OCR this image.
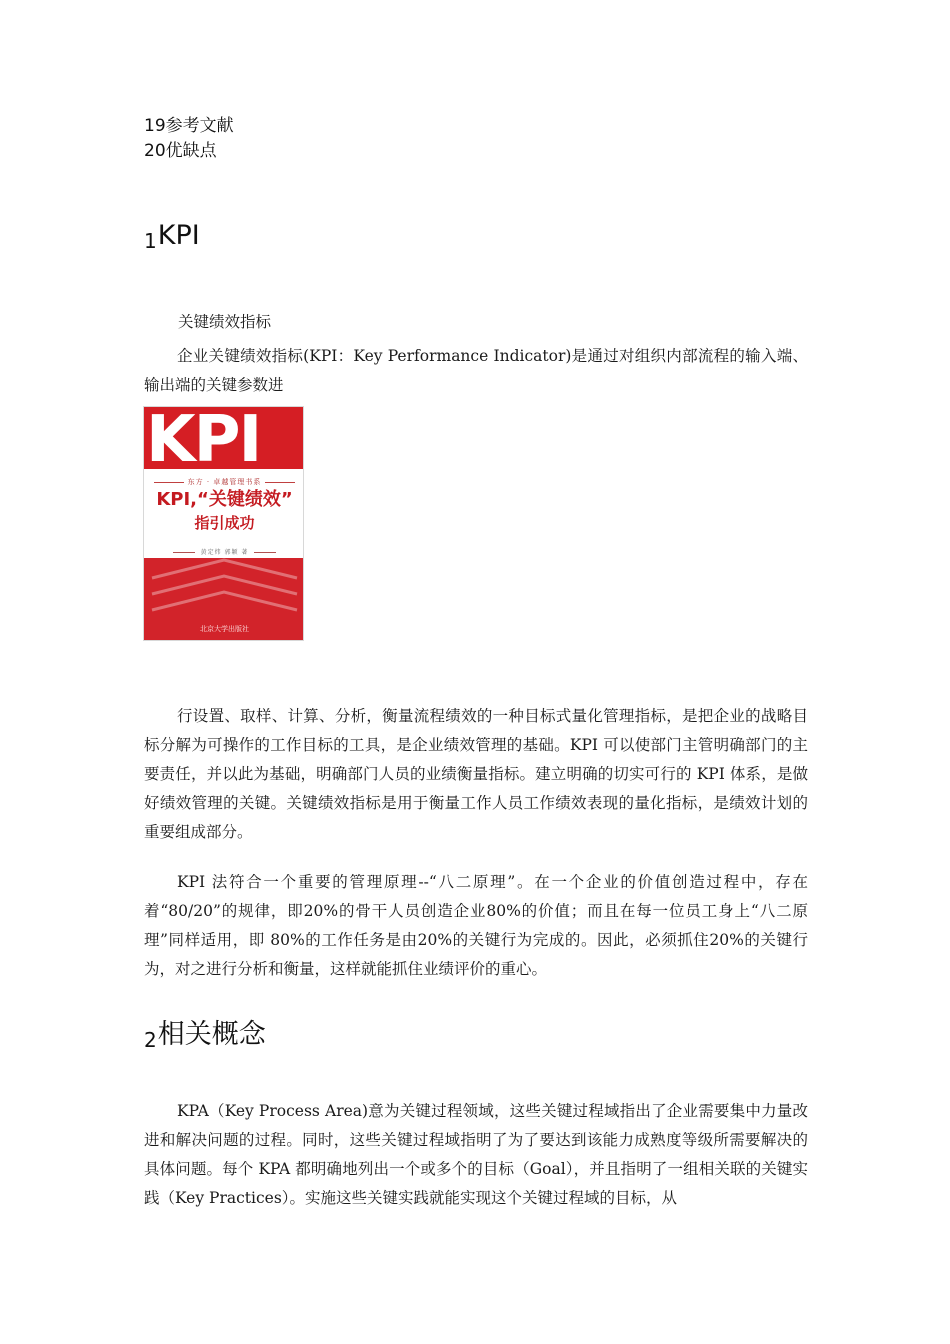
19参考文献
20优缺点
1KPI
关键绩效指标

企业关键绩效指标(KPI：Key Performance Indicator)是通过对组织内部流程的输入端、输出端的关键参数进

KPI
东方 · 卓越管理书系
KPI,“关键绩效”
指引成功
黄定炜 郭颖 著
北京大学出版社

行设置、取样、计算、分析，衡量流程绩效的一种目标式量化管理指标，是把企业的战略目标分解为可操作的工作目标的工具，是企业绩效管理的基础。KPI 可以使部门主管明确部门的主要责任，并以此为基础，明确部门人员的业绩衡量指标。建立明确的切实可行的 KPI 体系，是做好绩效管理的关键。关键绩效指标是用于衡量工作人员工作绩效表现的量化指标，是绩效计划的重要组成部分。

KPI 法符合一个重要的管理原理--“八二原理”。在一个企业的价值创造过程中，存在着“80/20”的规律，即20%的骨干人员创造企业80%的价值；而且在每一位员工身上“八二原理”同样适用，即 80%的工作任务是由20%的关键行为完成的。因此，必须抓住20%的关键行为，对之进行分析和衡量，这样就能抓住业绩评价的重心。

2相关概念

KPA（Key Process Area)意为关键过程领域，这些关键过程域指出了企业需要集中力量改进和解决问题的过程。同时，这些关键过程域指明了为了要达到该能力成熟度等级所需要解决的具体问题。每个 KPA 都明确地列出一个或多个的目标（Goal），并且指明了一组相关联的关键实践（Key Practices）。实施这些关键实践就能实现这个关键过程域的目标，从
